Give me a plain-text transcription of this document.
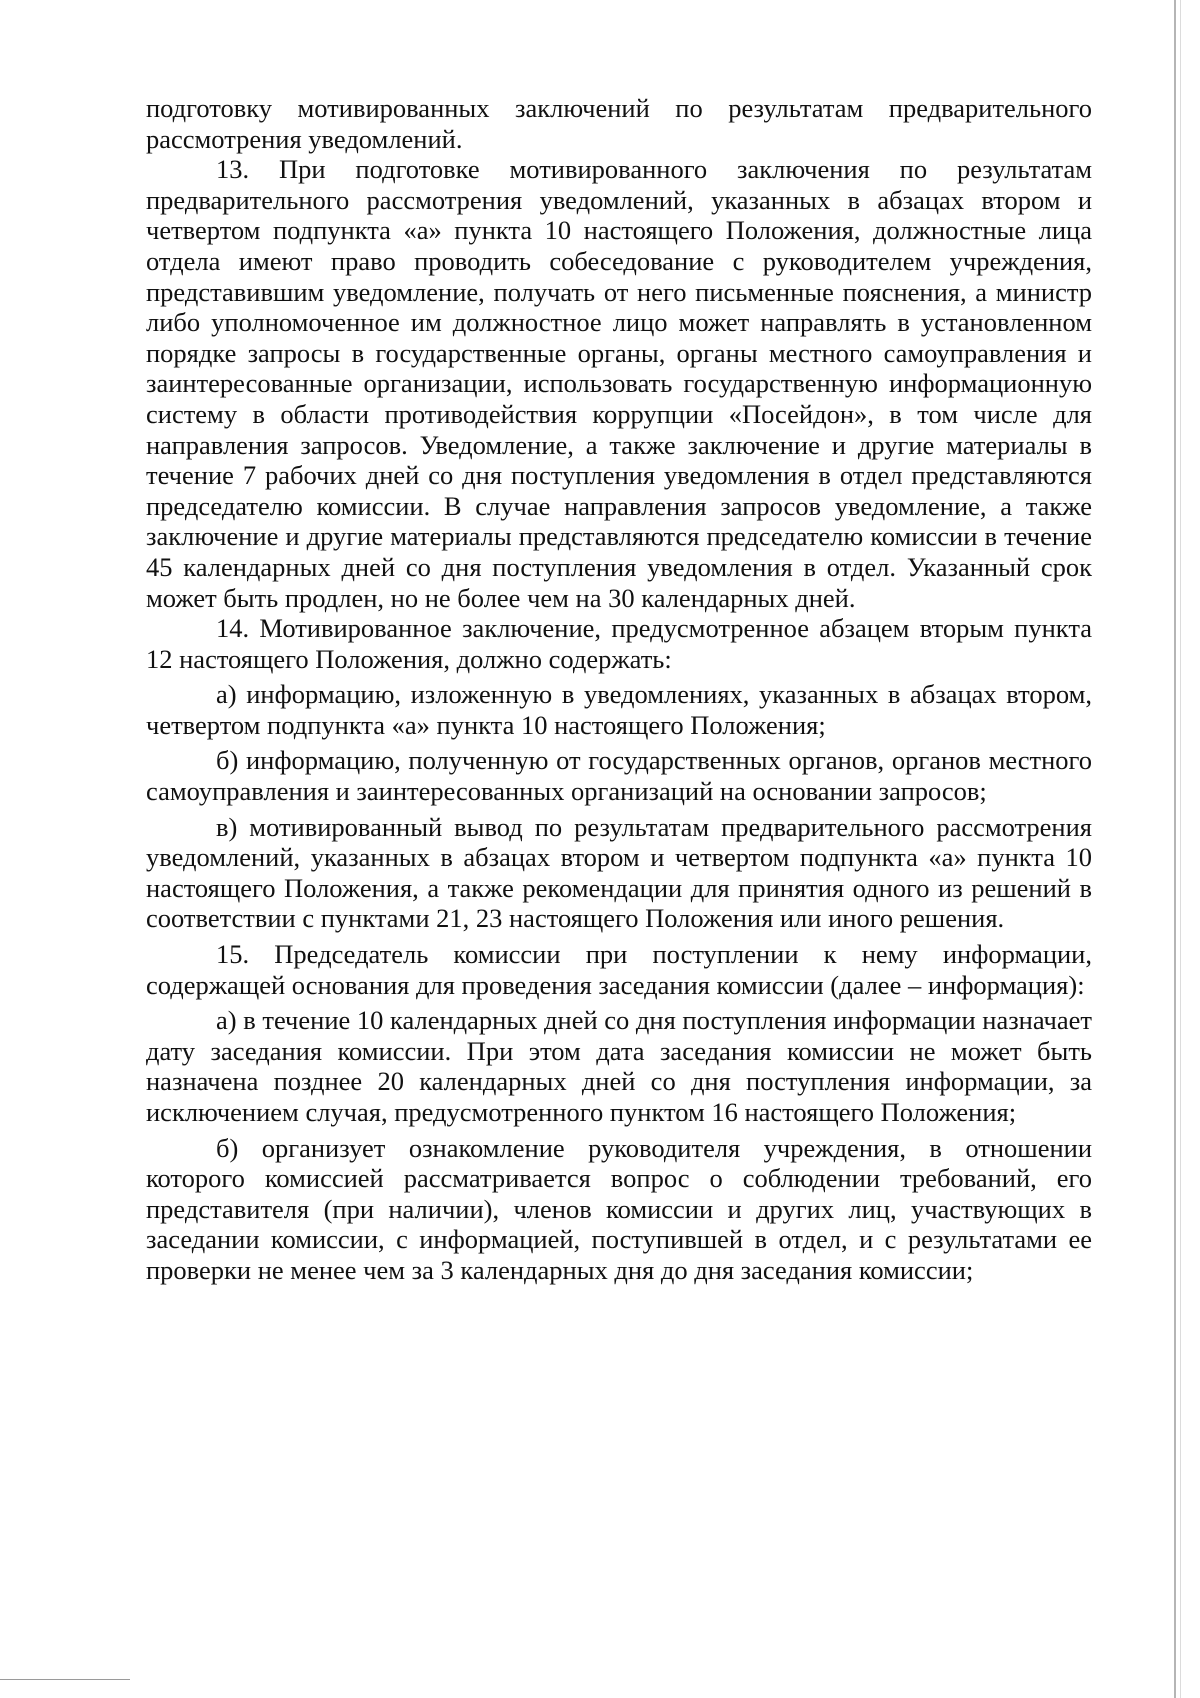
подготовку мотивированных заключений по результатам предварительного рассмотрения уведомлений.

13. При подготовке мотивированного заключения по результатам предварительного рассмотрения уведомлений, указанных в абзацах втором и четвертом подпункта «а» пункта 10 настоящего Положения, должностные лица отдела имеют право проводить собеседование с руководителем учреждения, представившим уведомление, получать от него письменные пояснения, а министр либо уполномоченное им должностное лицо может направлять в установленном порядке запросы в государственные органы, органы местного самоуправления и заинтересованные организации, использовать государственную информационную систему в области противодействия коррупции «Посейдон», в том числе для направления запросов. Уведомление, а также заключение и другие материалы в течение 7 рабочих дней со дня поступления уведомления в отдел представляются председателю комиссии. В случае направления запросов уведомление, а также заключение и другие материалы представляются председателю комиссии в течение 45 календарных дней со дня поступления уведомления в отдел. Указанный срок может быть продлен, но не более чем на 30 календарных дней.

14. Мотивированное заключение, предусмотренное абзацем вторым пункта 12 настоящего Положения, должно содержать:

а) информацию, изложенную в уведомлениях, указанных в абзацах втором, четвертом подпункта «а» пункта 10 настоящего Положения;

б) информацию, полученную от государственных органов, органов местного самоуправления и заинтересованных организаций на основании запросов;

в) мотивированный вывод по результатам предварительного рассмотрения уведомлений, указанных в абзацах втором и четвертом подпункта «а» пункта 10 настоящего Положения, а также рекомендации для принятия одного из решений в соответствии с пунктами 21, 23 настоящего Положения или иного решения.

15. Председатель комиссии при поступлении к нему информации, содержащей основания для проведения заседания комиссии (далее – информация):

а) в течение 10 календарных дней со дня поступления информации назначает дату заседания комиссии. При этом дата заседания комиссии не может быть назначена позднее 20 календарных дней со дня поступления информации, за исключением случая, предусмотренного пунктом 16 настоящего Положения;

б) организует ознакомление руководителя учреждения, в отношении которого комиссией рассматривается вопрос о соблюдении требований, его представителя (при наличии), членов комиссии и других лиц, участвующих в заседании комиссии, с информацией, поступившей в отдел, и с результатами ее проверки не менее чем за 3 календарных дня до дня заседания комиссии;
